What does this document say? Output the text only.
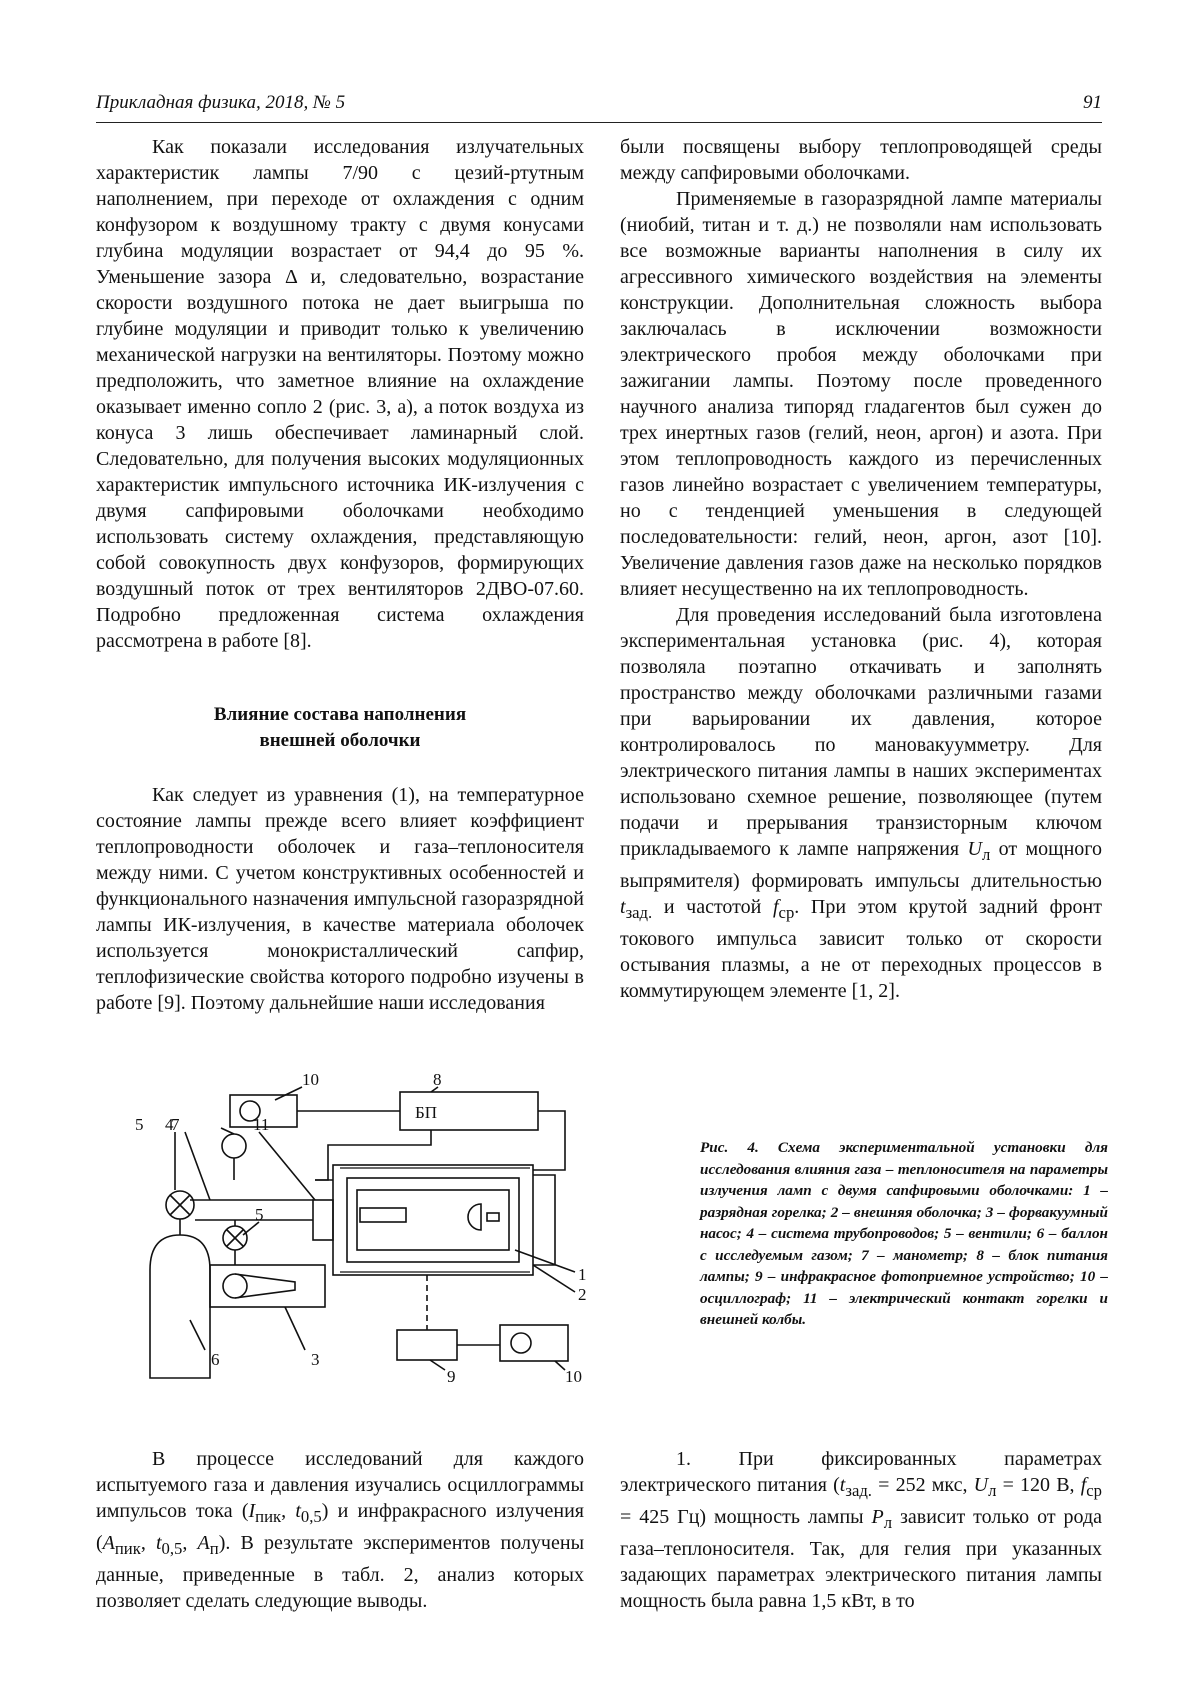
Прикладная физика, 2018, № 5	91

Как показали исследования излучательных характеристик лампы 7/90 с цезий-ртутным наполнением, при переходе от охлаждения с одним конфузором к воздушному тракту с двумя конусами глубина модуляции возрастает от 94,4 до 95 %. Уменьшение зазора Δ и, следовательно, возрастание скорости воздушного потока не дает выигрыша по глубине модуляции и приводит только к увеличению механической нагрузки на вентиляторы. Поэтому можно предположить, что заметное влияние на охлаждение оказывает именно сопло 2 (рис. 3, а), а поток воздуха из конуса 3 лишь обеспечивает ламинарный слой. Следовательно, для получения высоких модуляционных характеристик импульсного источника ИК-излучения с двумя сапфировыми оболочками необходимо использовать систему охлаждения, представляющую собой совокупность двух конфузоров, формирующих воздушный поток от трех вентиляторов 2ДВО-07.60. Подробно предложенная система охлаждения рассмотрена в работе [8].

Влияние состава наполнения
внешней оболочки

Как следует из уравнения (1), на температурное состояние лампы прежде всего влияет коэффициент теплопроводности оболочек и газа–теплоносителя между ними. С учетом конструктивных особенностей и функционального назначения импульсной газоразрядной лампы ИК-излучения, в качестве материала оболочек используется монокристаллический сапфир, теплофизические свойства которого подробно изучены в работе [9]. Поэтому дальнейшие наши исследования

были посвящены выбору теплопроводящей среды между сапфировыми оболочками.

Применяемые в газоразрядной лампе материалы (ниобий, титан и т. д.) не позволяли нам использовать все возможные варианты наполнения в силу их агрессивного химического воздействия на элементы конструкции. Дополнительная сложность выбора заключалась в исключении возможности электрического пробоя между оболочками при зажигании лампы. Поэтому после проведенного научного анализа типоряд гладагентов был сужен до трех инертных газов (гелий, неон, аргон) и азота. При этом теплопроводность каждого из перечисленных газов линейно возрастает с увеличением температуры, но с тенденцией уменьшения в следующей последовательности: гелий, неон, аргон, азот [10]. Увеличение давления газов даже на несколько порядков влияет несущественно на их теплопроводность.

Для проведения исследований была изготовлена экспериментальная установка (рис. 4), которая позволяла поэтапно откачивать и заполнять пространство между оболочками различными газами при варьировании их давления, которое контролировалось по мановакуумметру. Для электрического питания лампы в наших экспериментах использовано схемное решение, позволяющее (путем подачи и прерывания транзисторным ключом прикладываемого к лампе напряжения $U_л$ от мощного выпрямителя) формировать импульсы длительностью $t_{зад.}$ и частотой $f_{ср}$. При этом крутой задний фронт токового импульса зависит только от скорости остывания плазмы, а не от переходных процессов в коммутирующем элементе [1, 2].

БП
10	8
7
5 4	11
5
1
2
3
6
9	10
Рис. 4. Схема экспериментальной установки для исследования влияния газа – теплоносителя на параметры излучения ламп с двумя сапфировыми оболочками: 1 – разрядная горелка; 2 – внешняя оболочка; 3 – форвакуумный насос; 4 – система трубопроводов; 5 – вентили; 6 – баллон с исследуемым газом; 7 – манометр; 8 – блок питания лампы; 9 – инфракрасное фотоприемное устройство; 10 – осциллограф; 11 – электрический контакт горелки и внешней колбы.

В процессе исследований для каждого испытуемого газа и давления изучались осциллограммы импульсов тока ($I_{пик}$, $t_{0,5}$) и инфракрасного излучения ($A_{пик}$, $t_{0,5}$, $A_п$). В результате экспериментов получены данные, приведенные в табл. 2, анализ которых позволяет сделать следующие выводы.

1. При фиксированных параметрах электрического питания ($t_{зад.} = 252$ мкс, $U_л = 120$ В, $f_{ср} = 425$ Гц) мощность лампы $P_л$ зависит только от рода газа–теплоносителя. Так, для гелия при указанных задающих параметрах электрического питания лампы мощность была равна 1,5 кВт, в то
